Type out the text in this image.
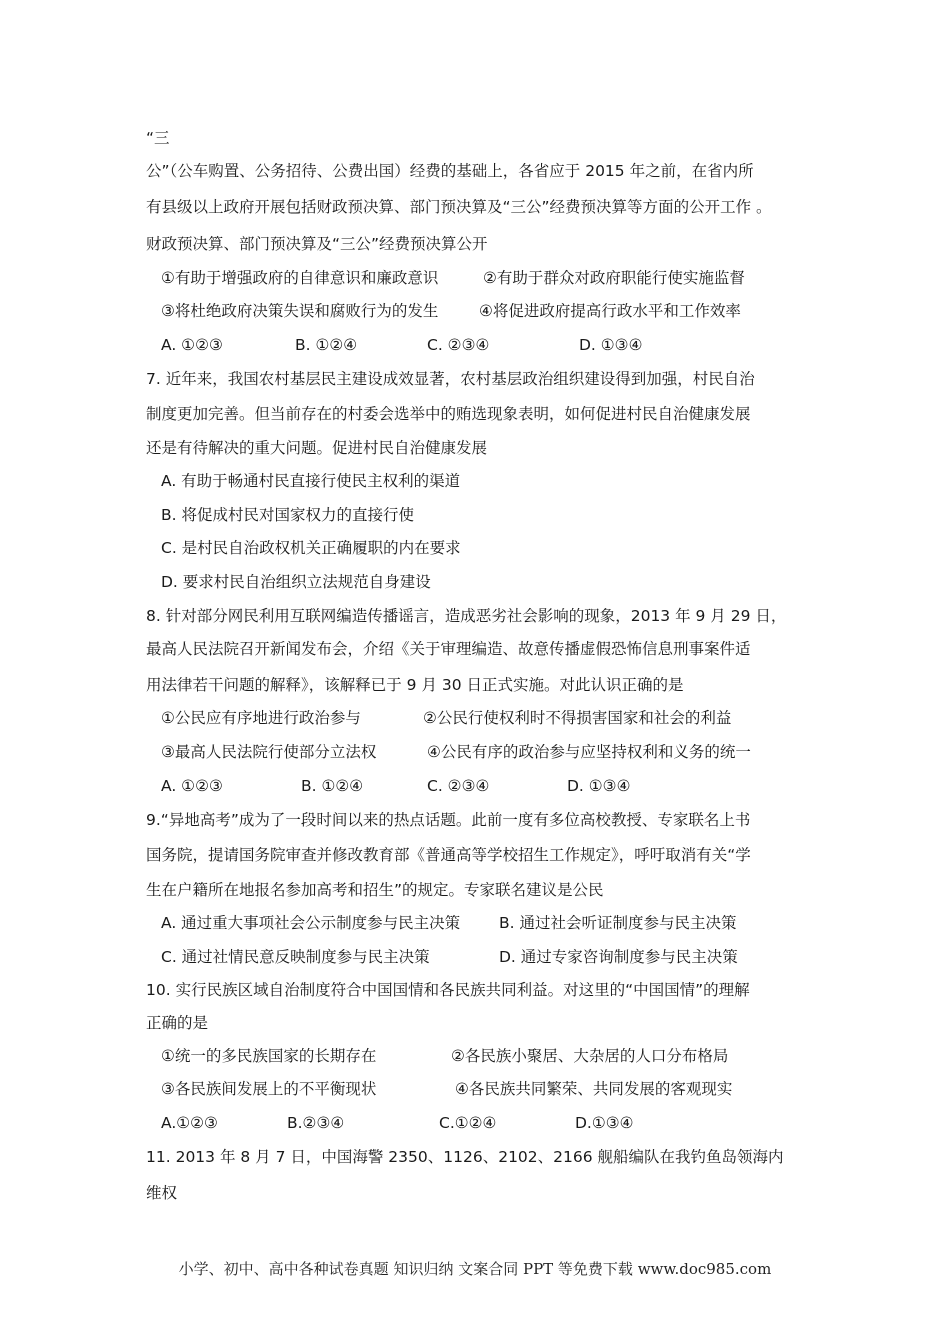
“三
公”（公车购置、公务招待、公费出国）经费的基础上，各省应于 2015 年之前，在省内所
有县级以上政府开展包括财政预决算、部门预决算及“三公”经费预决算等方面的公开工作 。
财政预决算、部门预决算及“三公”经费预决算公开
①有助于增强政府的自律意识和廉政意识	②有助于群众对政府职能行使实施监督
③将杜绝政府决策失误和腐败行为的发生	④将促进政府提高行政水平和工作效率
A. ①②③	B. ①②④	C. ②③④	D. ①③④
7. 近年来，我国农村基层民主建设成效显著，农村基层政治组织建设得到加强，村民自治
制度更加完善。但当前存在的村委会选举中的贿选现象表明，如何促进村民自治健康发展
还是有待解决的重大问题。促进村民自治健康发展
A. 有助于畅通村民直接行使民主权利的渠道
B. 将促成村民对国家权力的直接行使
C. 是村民自治政权机关正确履职的内在要求
D. 要求村民自治组织立法规范自身建设
8. 针对部分网民利用互联网编造传播谣言，造成恶劣社会影响的现象，2013 年 9 月 29 日，
最高人民法院召开新闻发布会，介绍《关于审理编造、故意传播虚假恐怖信息刑事案件适
用法律若干问题的解释》，该解释已于 9 月 30 日正式实施。对此认识正确的是
①公民应有序地进行政治参与	②公民行使权利时不得损害国家和社会的利益
③最高人民法院行使部分立法权	④公民有序的政治参与应坚持权利和义务的统一
A. ①②③	B. ①②④	C. ②③④	D. ①③④
9.“异地高考”成为了一段时间以来的热点话题。此前一度有多位高校教授、专家联名上书
国务院，提请国务院审查并修改教育部《普通高等学校招生工作规定》，呼吁取消有关“学
生在户籍所在地报名参加高考和招生”的规定。专家联名建议是公民
A. 通过重大事项社会公示制度参与民主决策	B. 通过社会听证制度参与民主决策
C. 通过社情民意反映制度参与民主决策	D. 通过专家咨询制度参与民主决策
10. 实行民族区域自治制度符合中国国情和各民族共同利益。对这里的“中国国情”的理解
正确的是
①统一的多民族国家的长期存在	②各民族小聚居、大杂居的人口分布格局
③各民族间发展上的不平衡现状	④各民族共同繁荣、共同发展的客观现实
A.①②③	B.②③④	C.①②④	D.①③④
11. 2013 年 8 月 7 日，中国海警 2350、1126、2102、2166 舰船编队在我钓鱼岛领海内
维权
小学、初中、高中各种试卷真题 知识归纳 文案合同 PPT 等免费下载 www.doc985.com
